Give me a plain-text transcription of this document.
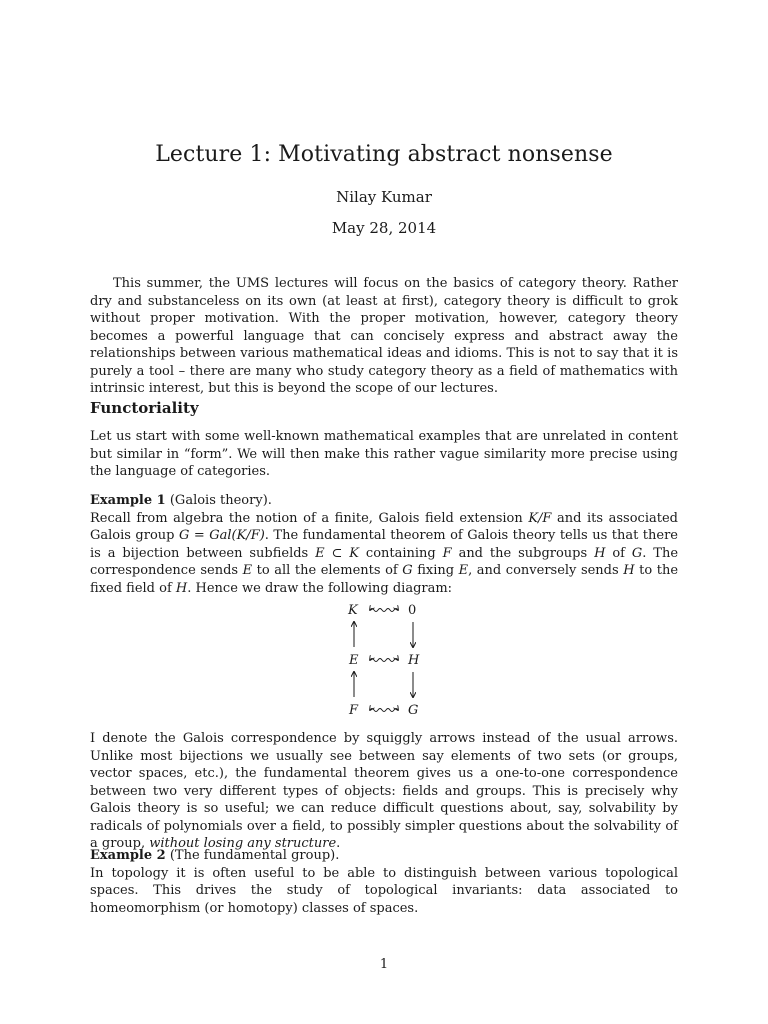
Lecture 1: Motivating abstract nonsense
Nilay Kumar
May 28, 2014
This summer, the UMS lectures will focus on the basics of category theory. Rather dry and substanceless on its own (at least at first), category theory is difficult to grok without proper motivation. With the proper motivation, however, category theory becomes a powerful language that can concisely express and abstract away the relationships between various mathematical ideas and idioms. This is not to say that it is purely a tool – there are many who study category theory as a field of mathematics with intrinsic interest, but this is beyond the scope of our lectures.
Functoriality
Let us start with some well-known mathematical examples that are unrelated in content but similar in “form”. We will then make this rather vague similarity more precise using the language of categories.
Example 1 (Galois theory).
Recall from algebra the notion of a finite, Galois field extension K/F and its associated Galois group G = Gal(K/F). The fundamental theorem of Galois theory tells us that there is a bijection between subfields E ⊂ K containing F and the subgroups H of G. The correspondence sends E to all the elements of G fixing E, and conversely sends H to the fixed field of H. Hence we draw the following diagram:
K	0
E	H
F	G
I denote the Galois correspondence by squiggly arrows instead of the usual arrows. Unlike most bijections we usually see between say elements of two sets (or groups, vector spaces, etc.), the fundamental theorem gives us a one-to-one correspondence between two very different types of objects: fields and groups. This is precisely why Galois theory is so useful; we can reduce difficult questions about, say, solvability by radicals of polynomials over a field, to possibly simpler questions about the solvability of a group, without losing any structure.
Example 2 (The fundamental group).
In topology it is often useful to be able to distinguish between various topological spaces. This drives the study of topological invariants: data associated to homeomorphism (or homotopy) classes of spaces.
1
